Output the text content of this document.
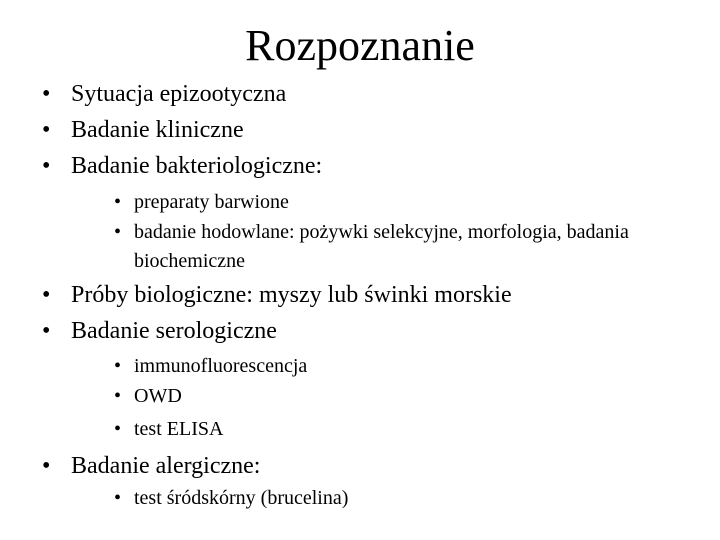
Rozpoznanie
• Sytuacja epizootyczna
• Badanie kliniczne
• Badanie bakteriologiczne:
• preparaty barwione
• badanie hodowlane: pożywki selekcyjne, morfologia, badania biochemiczne
• Próby biologiczne: myszy lub świnki morskie
• Badanie serologiczne
• immunofluorescencja
• OWD
• test ELISA
• Badanie alergiczne:
• test śródskórny (brucelina)
